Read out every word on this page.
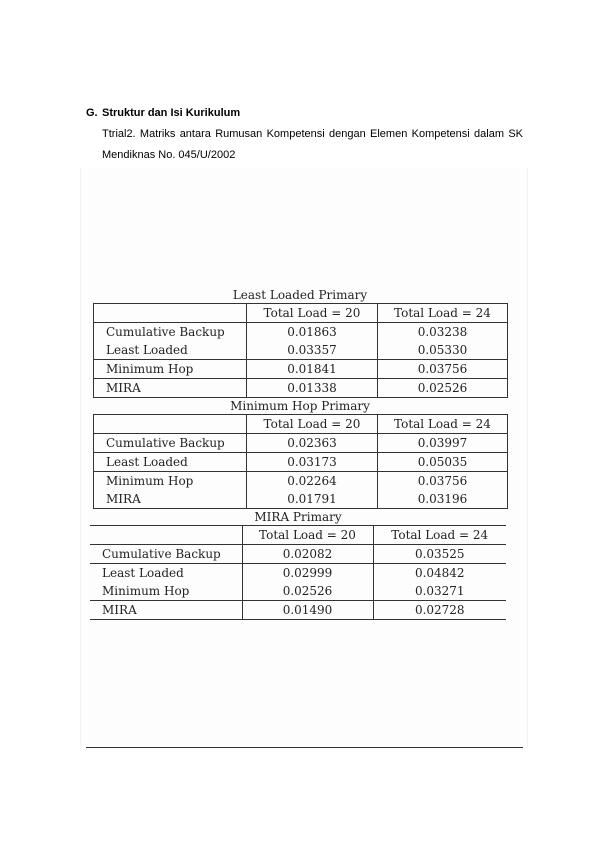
G. Struktur dan Isi Kurikulum
Ttrial2. Matriks antara Rumusan Kompetensi dengan Elemen Kompetensi dalam SK Mendiknas No. 045/U/2002
Least Loaded Primary
	Total Load = 20	Total Load = 24
Cumulative Backup	0.01863	0.03238
Least Loaded	0.03357	0.05330
Minimum Hop	0.01841	0.03756
MIRA	0.01338	0.02526
Minimum Hop Primary
	Total Load = 20	Total Load = 24
Cumulative Backup	0.02363	0.03997
Least Loaded	0.03173	0.05035
Minimum Hop	0.02264	0.03756
MIRA	0.01791	0.03196
MIRA Primary
	Total Load = 20	Total Load = 24
Cumulative Backup	0.02082	0.03525
Least Loaded	0.02999	0.04842
Minimum Hop	0.02526	0.03271
MIRA	0.01490	0.02728
